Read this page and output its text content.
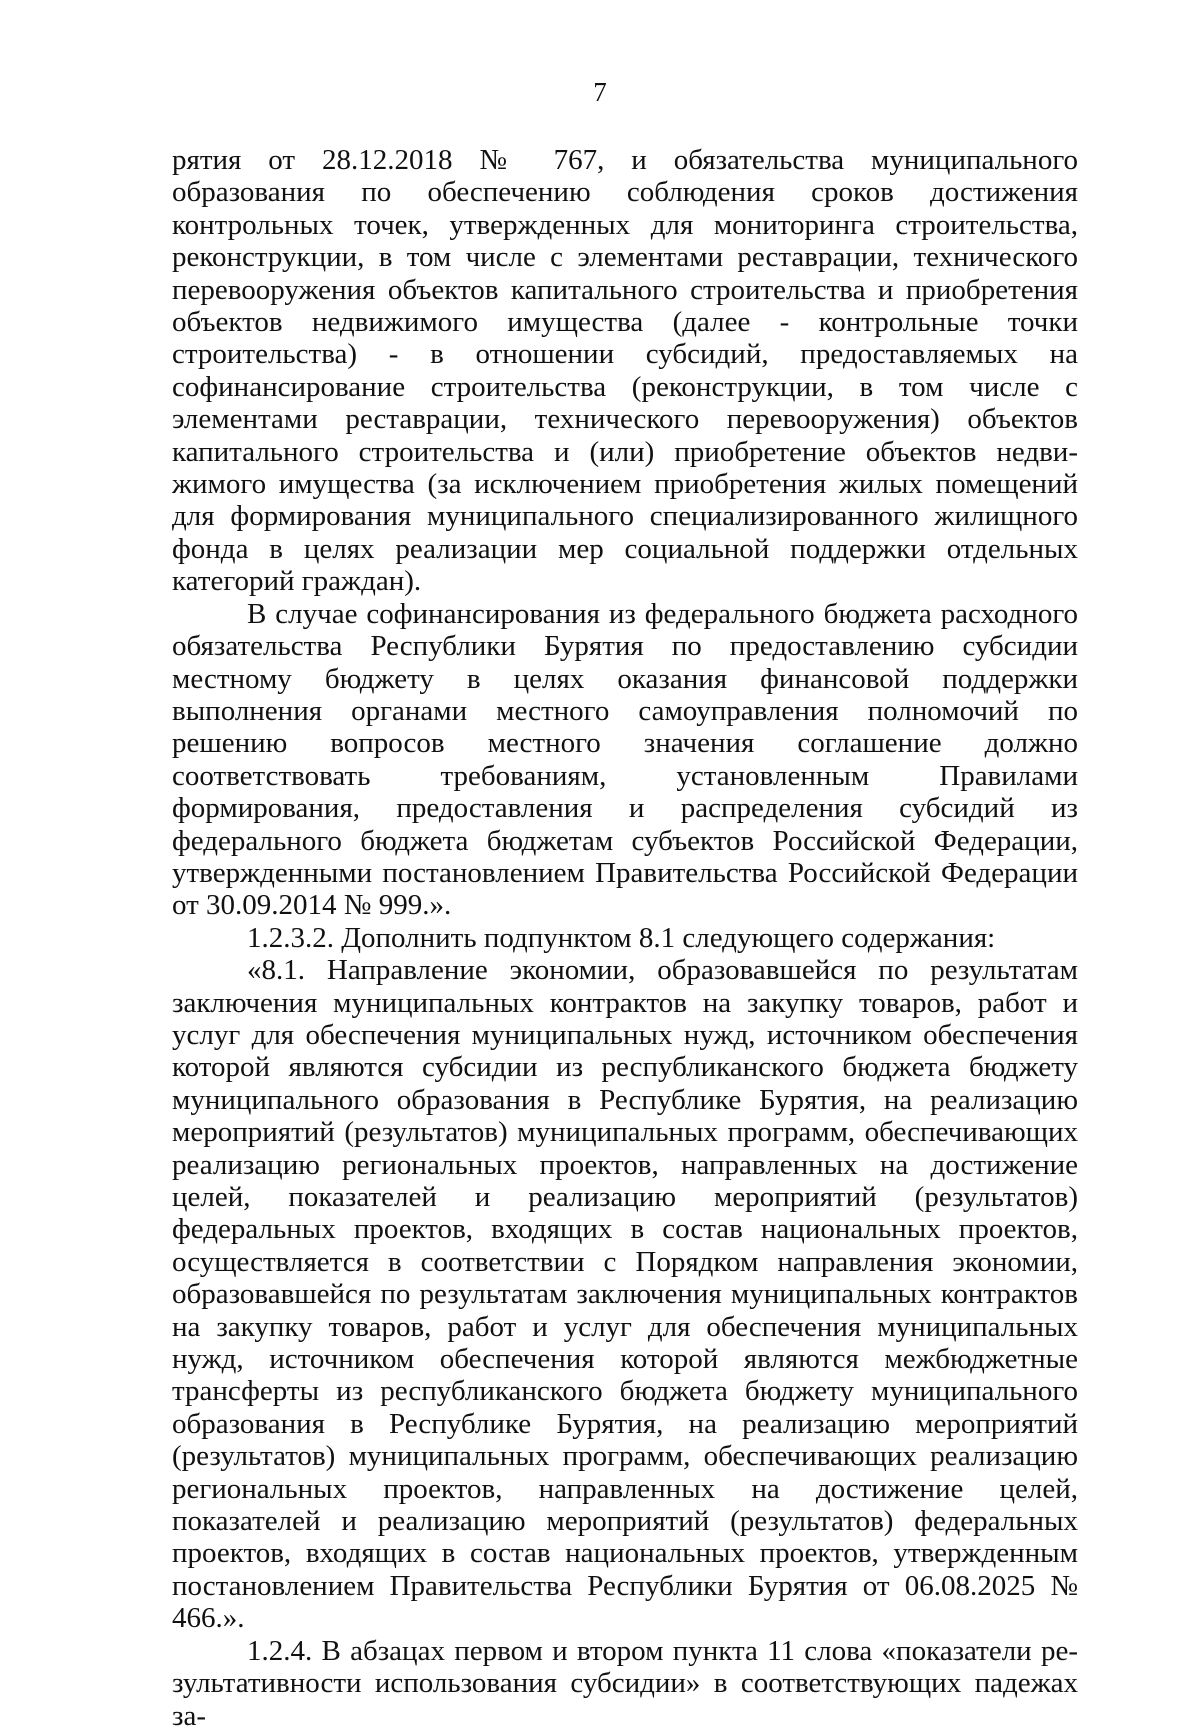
7

рятия от 28.12.2018 № 767, и обязательства муниципального образования по обеспечению соблюдения сроков достижения контрольных точек, утвержденных для мониторинга строительства, реконструкции, в том числе с элементами реставрации, технического перевооружения объектов капитального строительства и приобретения объектов недвижимого имущества (далее - контрольные точки строительства) - в отношении субсидий, предоставляемых на софинансирование строительства (реконструкции, в том числе с элементами реставрации, технического перевооружения) объектов капитального строительства и (или) приобретение объектов недвижимого имущества (за исключением приобретения жилых помещений для формирования муниципального специализированного жилищного фонда в целях реализации мер социальной поддержки отдельных категорий граждан).

В случае софинансирования из федерального бюджета расходного обязательства Республики Бурятия по предоставлению субсидии местному бюджету в целях оказания финансовой поддержки выполнения органами местного самоуправления полномочий по решению вопросов местного значения соглашение должно соответствовать требованиям, установленным Правилами формирования, предоставления и распределения субсидий из федерального бюджета бюджетам субъектов Российской Федерации, утвержденными постановлением Правительства Российской Федерации от 30.09.2014 № 999.».

1.2.3.2. Дополнить подпунктом 8.1 следующего содержания:

«8.1. Направление экономии, образовавшейся по результатам заключения муниципальных контрактов на закупку товаров, работ и услуг для обеспечения муниципальных нужд, источником обеспечения которой являются субсидии из республиканского бюджета бюджету муниципального образования в Республике Бурятия, на реализацию мероприятий (результатов) муниципальных программ, обеспечивающих реализацию региональных проектов, направленных на достижение целей, показателей и реализацию мероприятий (результатов) федеральных проектов, входящих в состав национальных проектов, осуществляется в соответствии с Порядком направления экономии, образовавшейся по результатам заключения муниципальных контрактов на закупку товаров, работ и услуг для обеспечения муниципальных нужд, источником обеспечения которой являются межбюджетные трансферты из республиканского бюджета бюджету муниципального образования в Республике Бурятия, на реализацию мероприятий (результатов) муниципальных программ, обеспечивающих реализацию региональных проектов, направленных на достижение целей, показателей и реализацию мероприятий (результатов) федеральных проектов, входящих в состав национальных проектов, утвержденным постановлением Правительства Республики Бурятия от 06.08.2025 № 466.».

1.2.4. В абзацах первом и втором пункта 11 слова «показатели результативности использования субсидии» в соответствующих падежах за-
